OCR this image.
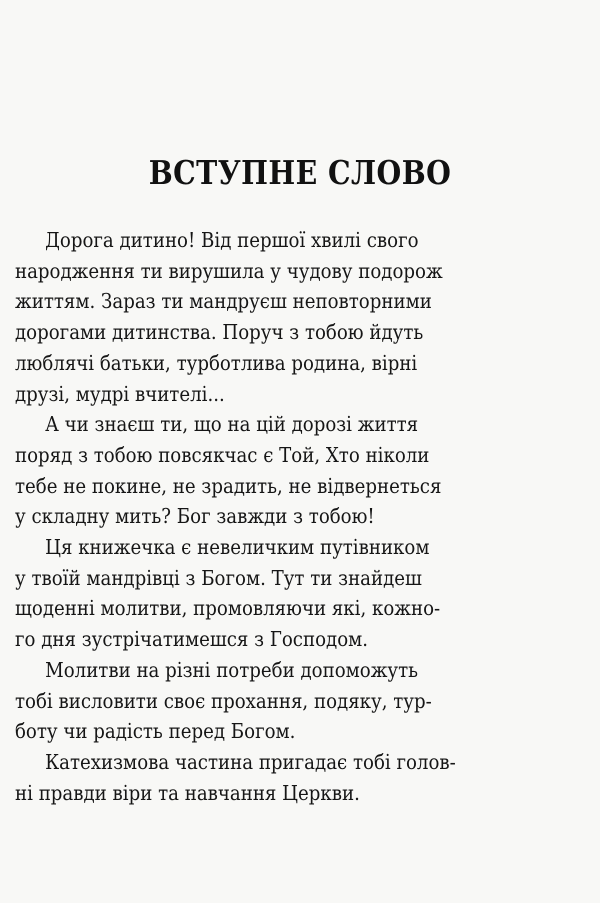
ВСТУПНЕ СЛОВО
Дорога дитино! Від першої хвилі свого
народження ти вирушила у чудову подорож
життям. Зараз ти мандруєш неповторними
дорогами дитинства. Поруч з тобою йдуть
люблячі батьки, турботлива родина, вірні
друзі, мудрі вчителі...
А чи знаєш ти, що на цій дорозі життя
поряд з тобою повсякчас є Той, Хто ніколи
тебе не покине, не зрадить, не відвернеться
у складну мить? Бог завжди з тобою!
Ця книжечка є невеличким путівником
у твоїй мандрівці з Богом. Тут ти знайдеш
щоденні молитви, промовляючи які, кожно-
го дня зустрічатимешся з Господом.
Молитви на різні потреби допоможуть
тобі висловити своє прохання, подяку, тур-
боту чи радість перед Богом.
Катехизмова частина пригадає тобі голов-
ні правди віри та навчання Церкви.
